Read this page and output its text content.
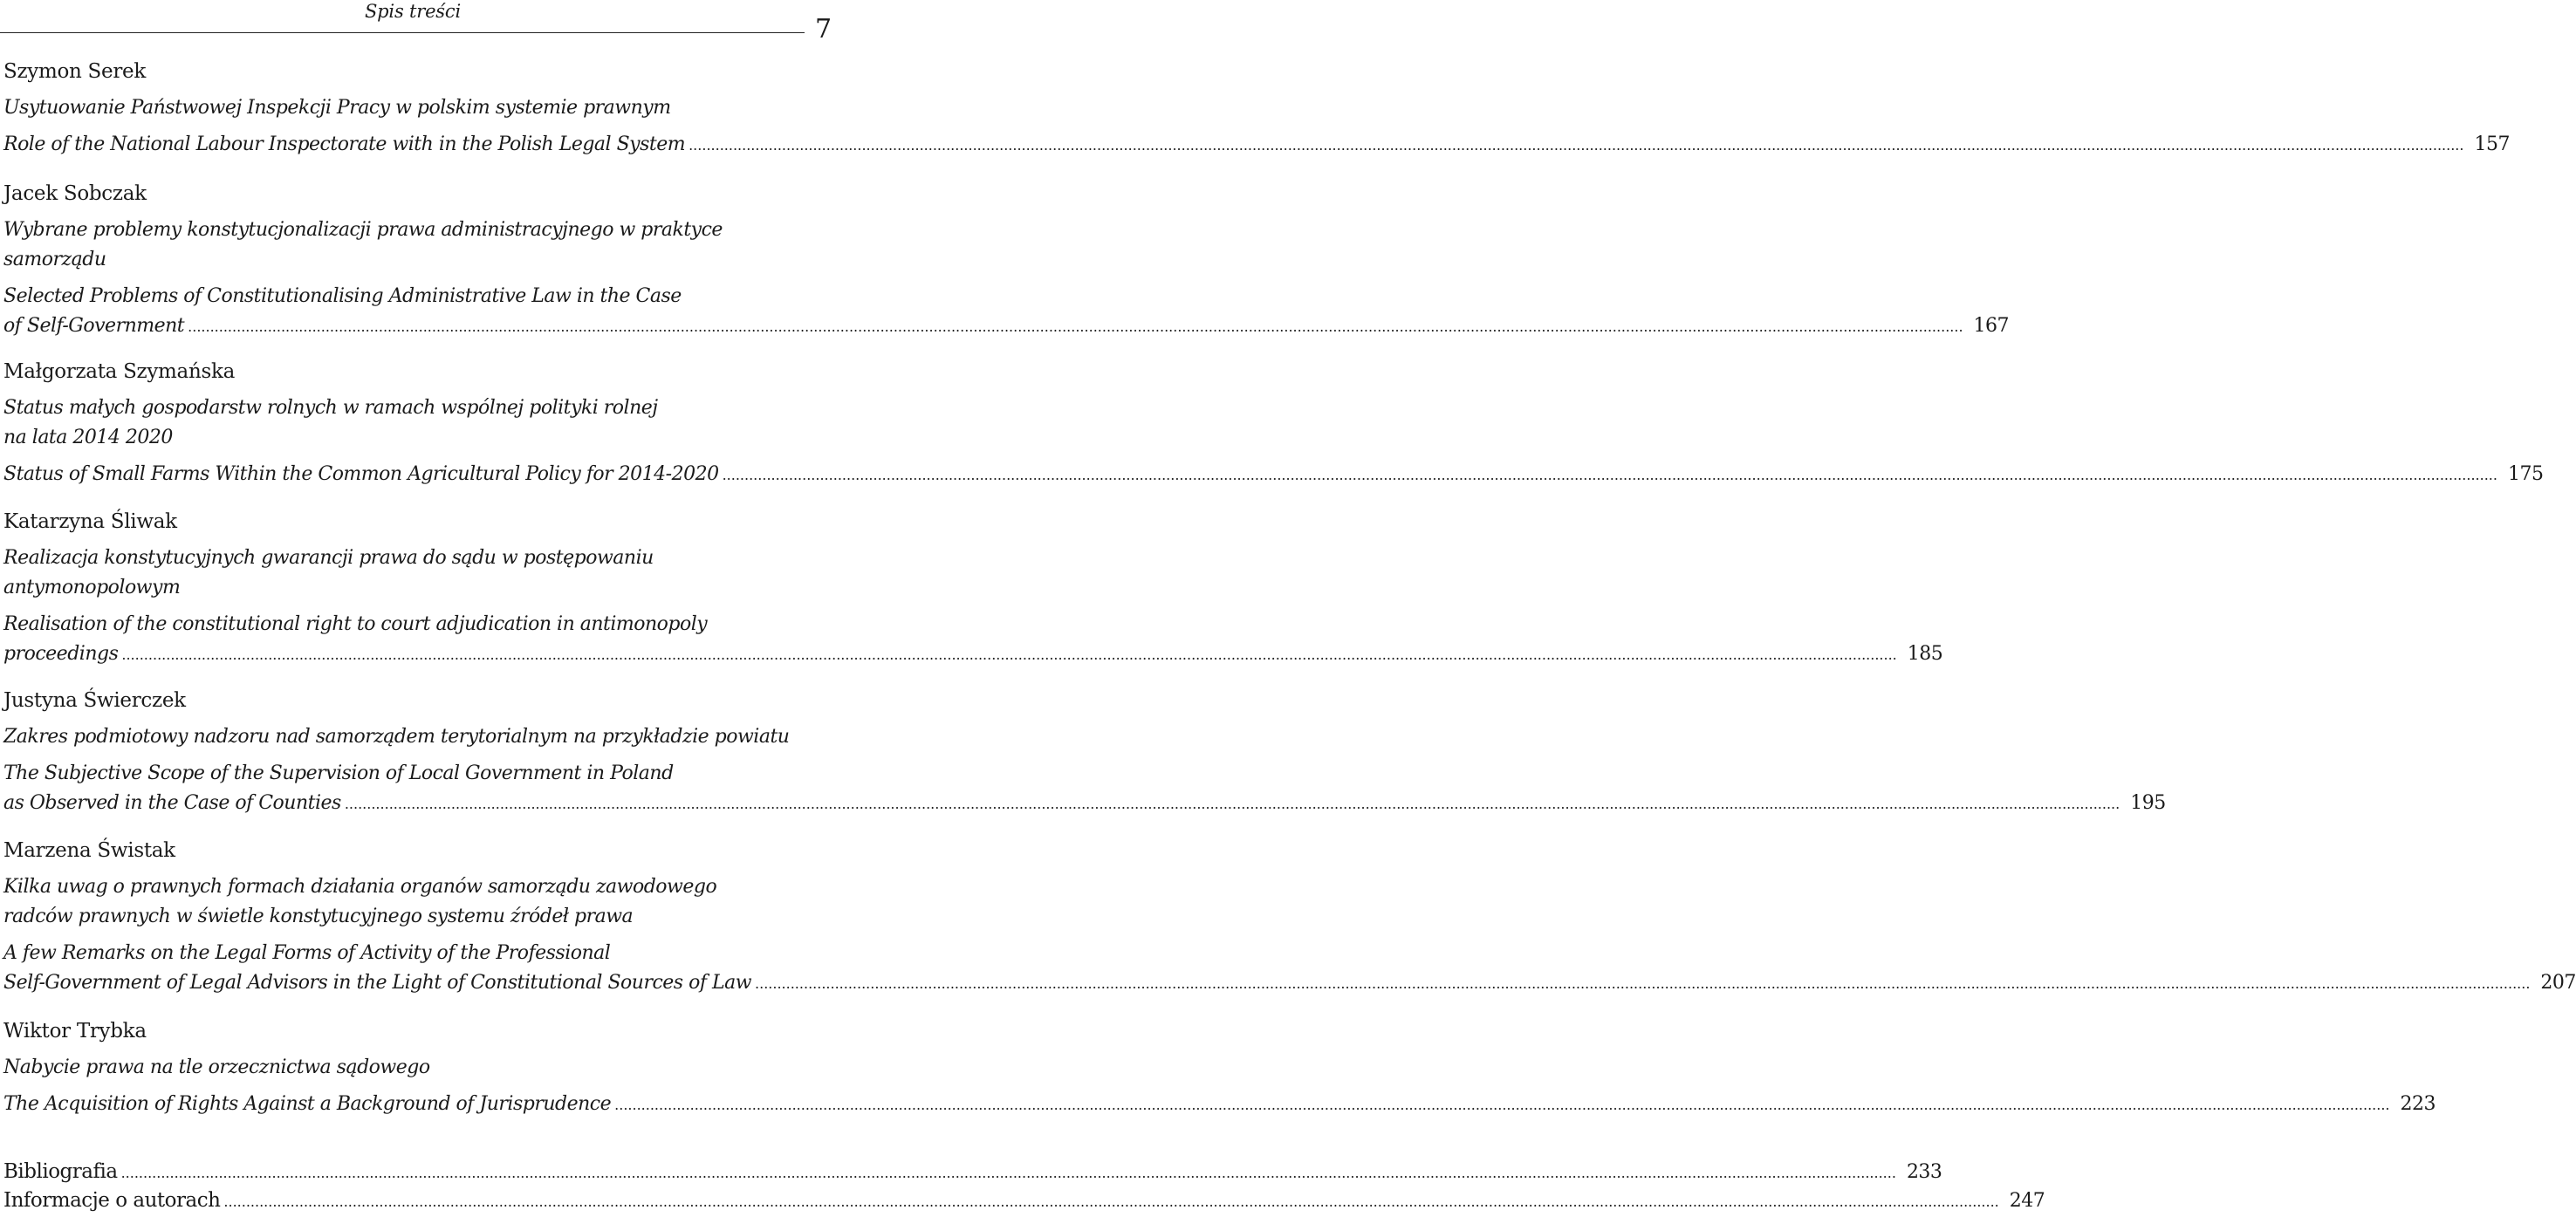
Spis treści
7
Szymon Serek
Usytuowanie Państwowej Inspekcji Pracy w polskim systemie prawnym
Role of the National Labour Inspectorate with in the Polish Legal System ................................................................................................................................................................................................................................................................................................................................................................................................................ 157
Jacek Sobczak
Wybrane problemy konstytucjonalizacji prawa administracyjnego w praktyce
samorządu
Selected Problems of Constitutionalising Administrative Law in the Case
of Self-Government ................................................................................................................................................................................................................................................................................................................................................................................................................ 167
Małgorzata Szymańska
Status małych gospodarstw rolnych w ramach wspólnej polityki rolnej
na lata 2014 2020
Status of Small Farms Within the Common Agricultural Policy for 2014-2020 ................................................................................................................................................................................................................................................................................................................................................................................................................ 175
Katarzyna Śliwak
Realizacja konstytucyjnych gwarancji prawa do sądu w postępowaniu
antymonopolowym
Realisation of the constitutional right to court adjudication in antimonopoly
proceedings ................................................................................................................................................................................................................................................................................................................................................................................................................ 185
Justyna Świerczek
Zakres podmiotowy nadzoru nad samorządem terytorialnym na przykładzie powiatu
The Subjective Scope of the Supervision of Local Government in Poland
as Observed in the Case of Counties ................................................................................................................................................................................................................................................................................................................................................................................................................ 195
Marzena Świstak
Kilka uwag o prawnych formach działania organów samorządu zawodowego
radców prawnych w świetle konstytucyjnego systemu źródeł prawa
A few Remarks on the Legal Forms of Activity of the Professional
Self-Government of Legal Advisors in the Light of Constitutional Sources of Law ................................................................................................................................................................................................................................................................................................................................................................................................................ 207
Wiktor Trybka
Nabycie prawa na tle orzecznictwa sądowego
The Acquisition of Rights Against a Background of Jurisprudence ................................................................................................................................................................................................................................................................................................................................................................................................................ 223
Bibliografia ................................................................................................................................................................................................................................................................................................................................................................................................................ 233
Informacje o autorach ................................................................................................................................................................................................................................................................................................................................................................................................................ 247
